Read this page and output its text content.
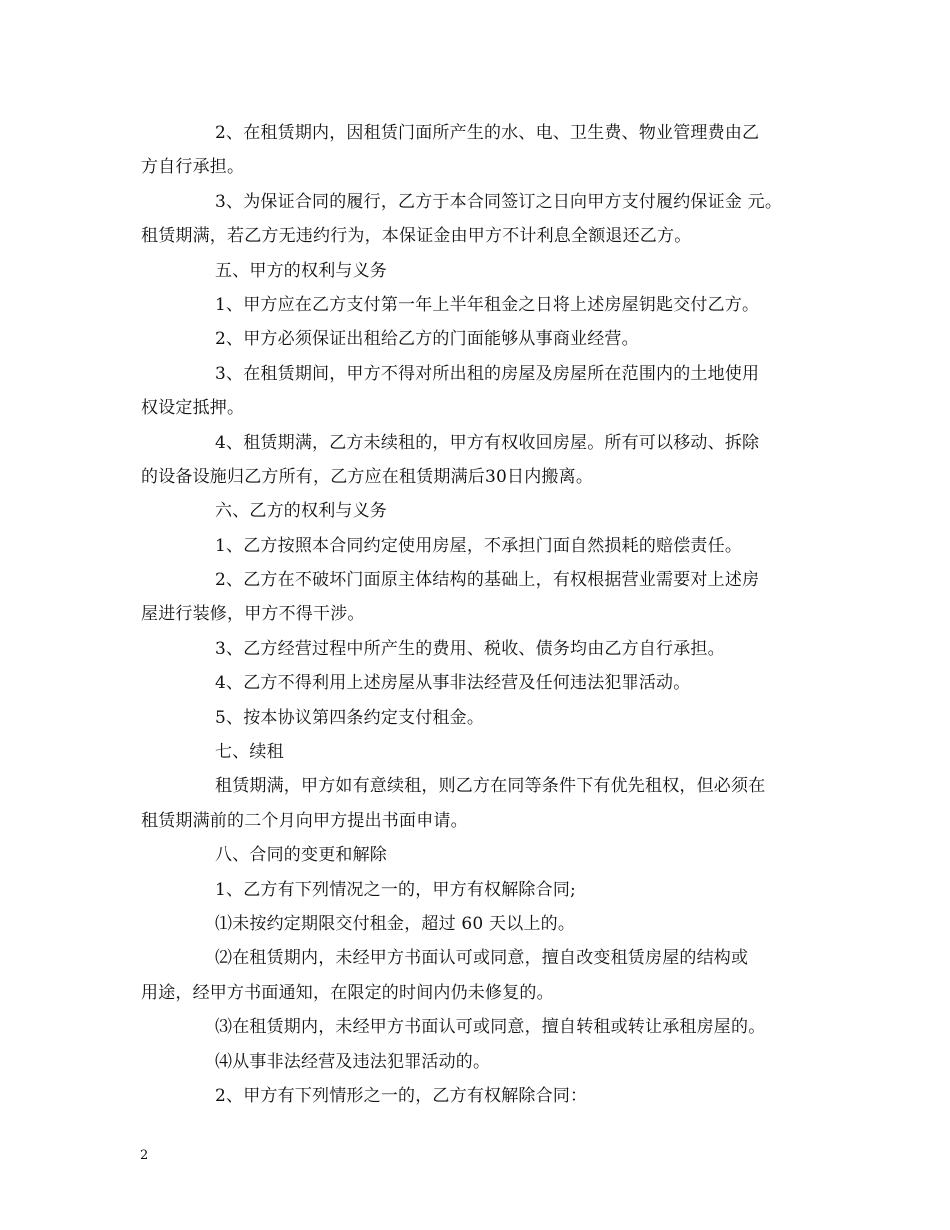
2、在租赁期内，因租赁门面所产生的水、电、卫生费、物业管理费由乙
方自行承担。
3、为保证合同的履行，乙方于本合同签订之日向甲方支付履约保证金 元。
租赁期满，若乙方无违约行为，本保证金由甲方不计利息全额退还乙方。
五、甲方的权利与义务
1、甲方应在乙方支付第一年上半年租金之日将上述房屋钥匙交付乙方。
2、甲方必须保证出租给乙方的门面能够从事商业经营。
3、在租赁期间，甲方不得对所出租的房屋及房屋所在范围内的土地使用
权设定抵押。
4、租赁期满，乙方未续租的，甲方有权收回房屋。所有可以移动、拆除
的设备设施归乙方所有，乙方应在租赁期满后30日内搬离。
六、乙方的权利与义务
1、乙方按照本合同约定使用房屋，不承担门面自然损耗的赔偿责任。
2、乙方在不破坏门面原主体结构的基础上，有权根据营业需要对上述房
屋进行装修，甲方不得干涉。
3、乙方经营过程中所产生的费用、税收、债务均由乙方自行承担。
4、乙方不得利用上述房屋从事非法经营及任何违法犯罪活动。
5、按本协议第四条约定支付租金。
七、续租
租赁期满，甲方如有意续租，则乙方在同等条件下有优先租权，但必须在
租赁期满前的二个月向甲方提出书面申请。
八、合同的变更和解除
1、乙方有下列情况之一的，甲方有权解除合同;
⑴未按约定期限交付租金，超过 60 天以上的。
⑵在租赁期内，未经甲方书面认可或同意，擅自改变租赁房屋的结构或
用途，经甲方书面通知，在限定的时间内仍未修复的。
⑶在租赁期内，未经甲方书面认可或同意，擅自转租或转让承租房屋的。
⑷从事非法经营及违法犯罪活动的。
2、甲方有下列情形之一的，乙方有权解除合同：
2
